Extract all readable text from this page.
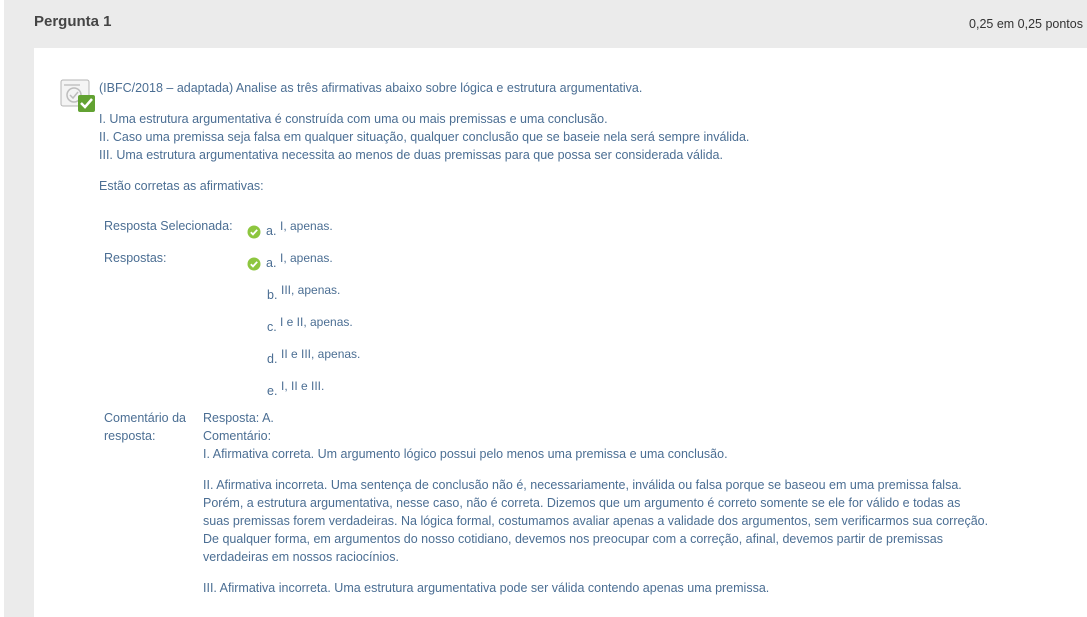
Pergunta 1	0,25 em 0,25 pontos
(IBFC/2018 – adaptada) Analise as três afirmativas abaixo sobre lógica e estrutura argumentativa.
I. Uma estrutura argumentativa é construída com uma ou mais premissas e uma conclusão.
II. Caso uma premissa seja falsa em qualquer situação, qualquer conclusão que se baseie nela será sempre inválida.
III. Uma estrutura argumentativa necessita ao menos de duas premissas para que possa ser considerada válida.
Estão corretas as afirmativas:
Resposta Selecionada:	a. I, apenas.
Respostas:	a. I, apenas.
b. III, apenas.
c. I e II, apenas.
d. II e III, apenas.
e. I, II e III.
Comentário da
resposta:
Resposta: A.
Comentário:
I. Afirmativa correta. Um argumento lógico possui pelo menos uma premissa e uma conclusão.
II. Afirmativa incorreta. Uma sentença de conclusão não é, necessariamente, inválida ou falsa porque se baseou em uma premissa falsa.
Porém, a estrutura argumentativa, nesse caso, não é correta. Dizemos que um argumento é correto somente se ele for válido e todas as
suas premissas forem verdadeiras. Na lógica formal, costumamos avaliar apenas a validade dos argumentos, sem verificarmos sua correção.
De qualquer forma, em argumentos do nosso cotidiano, devemos nos preocupar com a correção, afinal, devemos partir de premissas
verdadeiras em nossos raciocínios.
III. Afirmativa incorreta. Uma estrutura argumentativa pode ser válida contendo apenas uma premissa.
